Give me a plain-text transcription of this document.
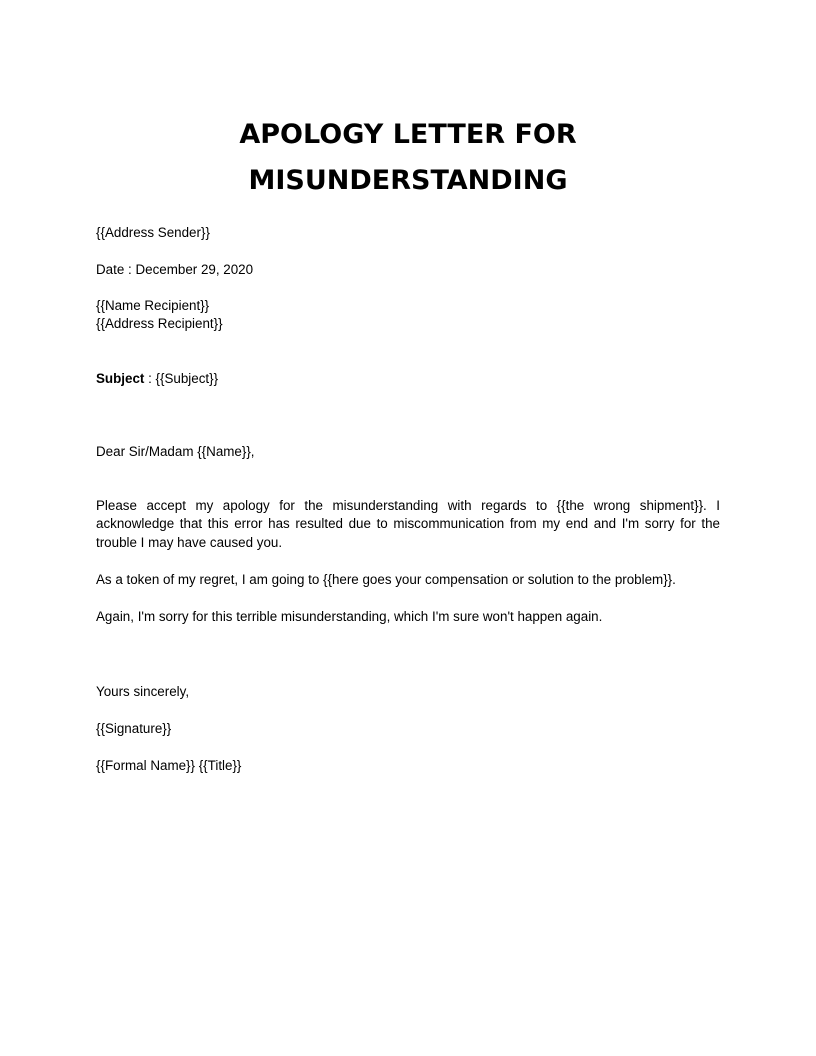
APOLOGY LETTER FOR
MISUNDERSTANDING
{{Address Sender}}
Date : December 29, 2020
{{Name Recipient}}
{{Address Recipient}}
Subject : {{Subject}}
Dear Sir/Madam {{Name}},
Please accept my apology for the misunderstanding with regards to {{the wrong shipment}}. I acknowledge that this error has resulted due to miscommunication from my end and I'm sorry for the trouble I may have caused you.
As a token of my regret, I am going to {{here goes your compensation or solution to the problem}}.
Again, I'm sorry for this terrible misunderstanding, which I'm sure won't happen again.
Yours sincerely,
{{Signature}}
{{Formal Name}} {{Title}}
